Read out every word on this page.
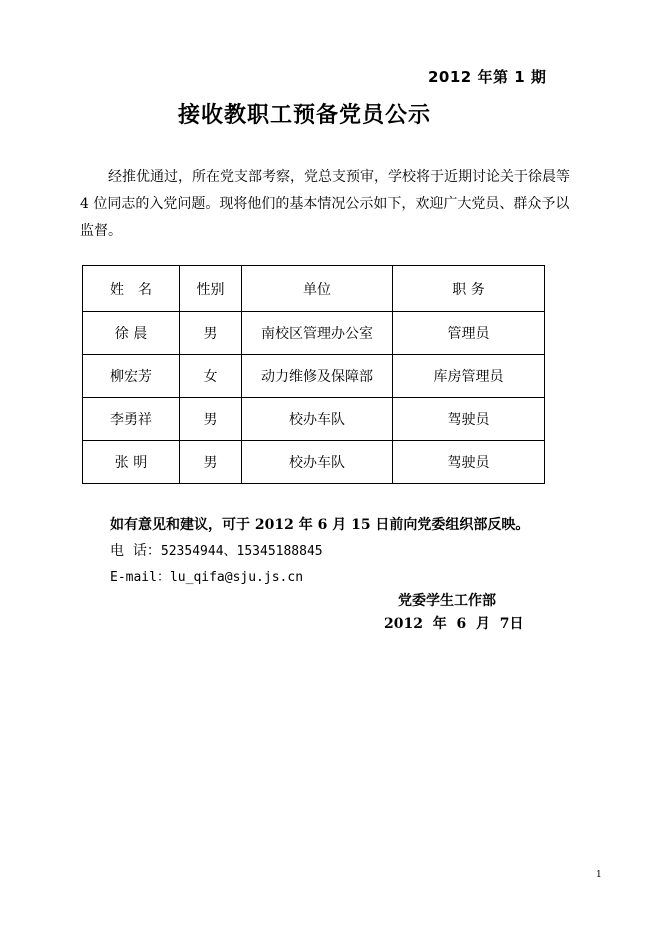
2012 年第 1 期
接收教职工预备党员公示

经推优通过，所在党支部考察，党总支预审，学校将于近期讨论关于徐晨等 4 位同志的入党问题。现将他们的基本情况公示如下，欢迎广大党员、群众予以监督。

姓　名	性别	单位	职 务
徐 晨	男	南校区管理办公室	管理员
柳宏芳	女	动力维修及保障部	库房管理员
李勇祥	男	校办车队	驾驶员
张 明	男	校办车队	驾驶员

如有意见和建议，可于 2012 年 6 月 15 日前向党委组织部反映。

电  话：52354944、15345188845

E-mail：lu_qifa@sju.js.cn

党委学生工作部
2012  年  6  月  7日
1
